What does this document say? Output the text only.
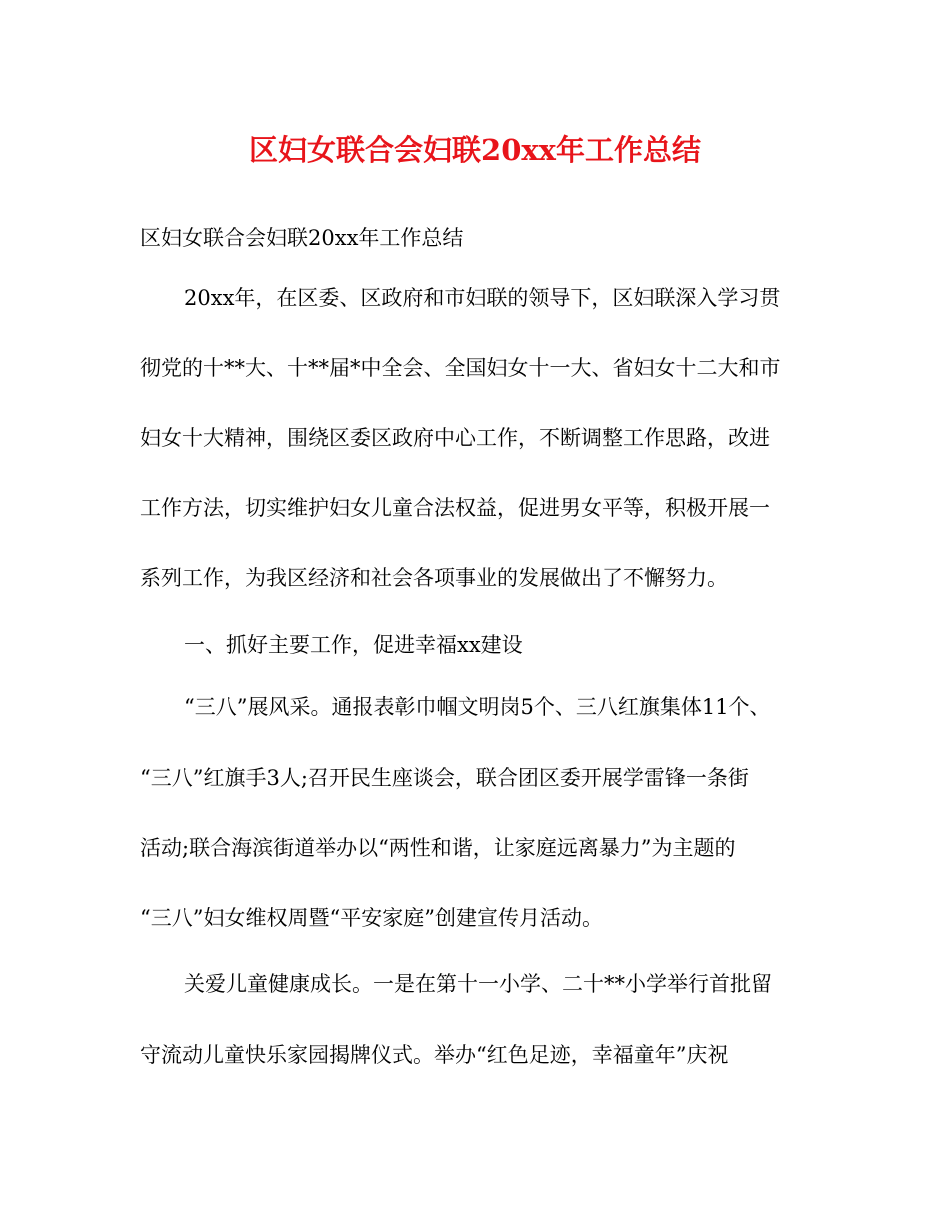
区妇女联合会妇联20xx年工作总结
区妇女联合会妇联20xx年工作总结
20xx年，在区委、区政府和市妇联的领导下，区妇联深入学习贯
彻党的十**大、十**届*中全会、全国妇女十一大、省妇女十二大和市
妇女十大精神，围绕区委区政府中心工作，不断调整工作思路，改进
工作方法，切实维护妇女儿童合法权益，促进男女平等，积极开展一
系列工作，为我区经济和社会各项事业的发展做出了不懈努力。
一、抓好主要工作，促进幸福xx建设
“三八”展风采。通报表彰巾帼文明岗5个、三八红旗集体11个、
“三八”红旗手3人;召开民生座谈会，联合团区委开展学雷锋一条街
活动;联合海滨街道举办以“两性和谐，让家庭远离暴力”为主题的
“三八”妇女维权周暨“平安家庭”创建宣传月活动。
关爱儿童健康成长。一是在第十一小学、二十**小学举行首批留
守流动儿童快乐家园揭牌仪式。举办“红色足迹，幸福童年”庆祝
